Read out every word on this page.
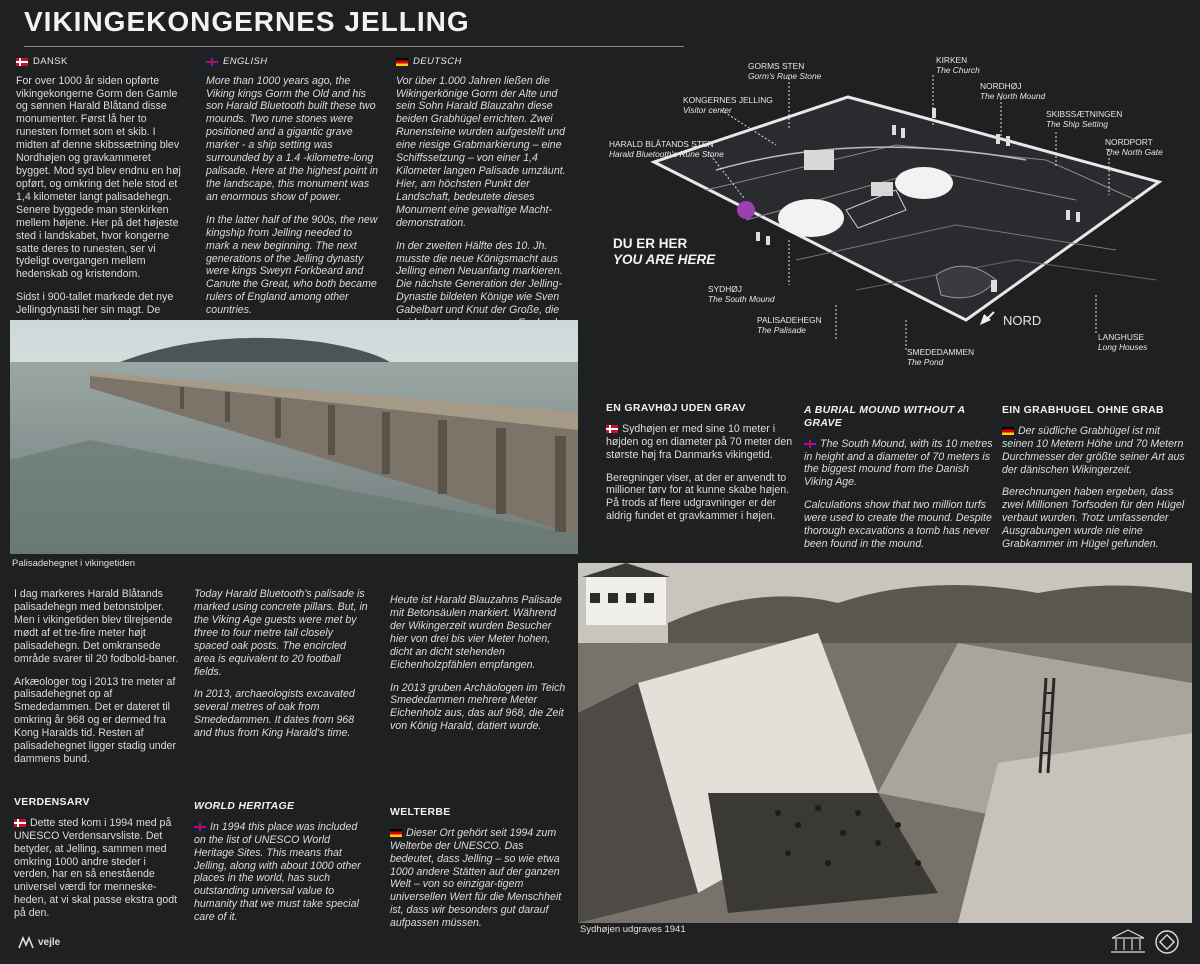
VIKINGEKONGERNES JELLING
DANSK

For over 1000 år siden opførte vikingekongerne Gorm den Gamle og sønnen Harald Blåtand disse monumenter. Først lå her to runesten formet som et skib. I midten af denne skibssætning blev Nordhøjen og gravkammeret bygget. Mod syd blev endnu en høj opført, og omkring det hele stod et 1,4 kilometer langt palisadehegn. Senere byggede man stenkirken mellem højene. Her på det højeste sted i landskabet, hvor kongerne satte deres to runesten, ser vi tydeligt overgangen mellem hedenskab og kristendom.

Sidst i 900-tallet markede det nye Jellingdynasti her sin magt. De

ENGLISH

More than 1000 years ago, the Viking kings Gorm the Old and his son Harald Bluetooth built these two mounds. Two rune stones were positioned and a gigantic grave marker - a ship setting was surrounded by a 1.4 -kilometre-long palisade. Here at the highest point in the landscape, this monument was an enormous show of power.

In the latter half of the 900s, the new kingship from Jelling needed to mark a new beginning. The next generations of the Jelling dynasty were kings Sweyn Forkbeard and Canute the Great, who both became rulers of England among other countries.

DEUTSCH

Vor über 1.000 Jahren ließen die Wikingerkönige Gorm der Alte und sein Sohn Harald Blauzahn diese beiden Grabhügel errichten. Zwei Runensteine wurden aufgestellt und eine riesige Grabmarkierung – eine Schiffssetzung – von einer 1,4 Kilometer langen Palisade umzäunt. Hier, am höchsten Punkt der Landschaft, bedeutete dieses Monument eine gewaltige Macht-demonstration.

In der zweiten Hälfte des 10. Jh. musste die neue Königsmacht aus Jelling einen Neuanfang markieren. Die nächste Generation der Jelling-Dynastie bildeten Könige wie Sven Gabelbart und Knut der Große, die

GORMS STEN
Gorm's Rune Stone
KIRKEN
The Church
NORDHØJ
The North Mound
KONGERNES JELLING
Visitor center	SKIBSSÆTNINGEN
The Ship Setting
HARALD BLÅTANDS STEN
Harald Bluetooth's Rune Stone
NORDPORT
The North Gate
SYDHØJ
The South Mound
PALISADEHEGN
The Palisade
SMEDEDAMMEN
The Pond
LANGHUSE
Long Houses
DU ER HER
YOU ARE HERE
NORD
Palisadehegnet i vikingetiden
EN GRAVHØJ UDEN GRAV

Sydhøjen er med sine 10 meter i højden og en diameter på 70 meter den største høj fra Danmarks vikingetid.

Beregninger viser, at der er anvendt to millioner tørv for at kunne skabe højen. På trods af flere udgravninger er der aldrig fundet et gravkammer i højen.

A BURIAL MOUND WITHOUT A GRAVE

The South Mound, with its 10 metres in height and a diameter of 70 meters is the biggest mound from the Danish Viking Age.

Calculations show that two million turfs were used to create the mound. Despite thorough excavations a tomb has never been found in the mound.

EIN GRABHUGEL OHNE GRAB

Der südliche Grabhügel ist mit seinen 10 Metern Höhe und 70 Metern Durchmesser der größte seiner Art aus der dänischen Wikingerzeit.

Berechnungen haben ergeben, dass zwei Millionen Torfsoden für den Hügel verbaut wurden. Trotz umfassender Ausgrabungen wurde nie eine Grabkammer im Hügel gefunden.

I dag markeres Harald Blåtands palisadehegn med betonstolper. Men i vikingetiden blev tilrejsende mødt af et tre-fire meter højt palisadehegn. Det omkransede område svarer til 20 fodbold-baner.

Arkæologer tog i 2013 tre meter af palisadehegnet op af Smededammen. Det er dateret til omkring år 968 og er dermed fra Kong Haralds tid. Resten af palisadehegnet ligger stadig under dammens bund.

Today Harald Bluetooth's palisade is marked using concrete pillars. But, in the Viking Age guests were met by three to four metre tall closely spaced oak posts. The encircled area is equivalent to 20 football fields.

In 2013, archaeologists excavated several metres of oak from Smededammen. It dates from 968 and thus from King Harald's time.

Heute ist Harald Blauzahns Palisade mit Betonsäulen markiert. Während der Wikingerzeit wurden Besucher hier von drei bis vier Meter hohen, dicht an dicht stehenden Eichenholzpfählen empfangen.

In 2013 gruben Archäologen im Teich Smededammen mehrere Meter Eichenholz aus, das auf 968, die Zeit von König Harald, datiert wurde.

VERDENSARV

Dette sted kom i 1994 med på UNESCO Verdensarvsliste. Det betyder, at Jelling, sammen med omkring 1000 andre steder i verden, har en så enestående universel værdi for menneske-heden, at vi skal passe ekstra godt på den.

WORLD HERITAGE

In 1994 this place was included on the list of UNESCO World Heritage Sites. This means that Jelling, along with about 1000 other places in the world, has such outstanding universal value to humanity that we must take special care of it.

WELTERBE

Dieser Ort gehört seit 1994 zum Welterbe der UNESCO. Das bedeutet, dass Jelling – so wie etwa 1000 andere Stätten auf der ganzen Welt – von so einzigar-tigem universellen Wert für die Menschheit ist, dass wir besonders gut darauf aufpassen müssen.

Sydhøjen udgraves 1941
vejle
